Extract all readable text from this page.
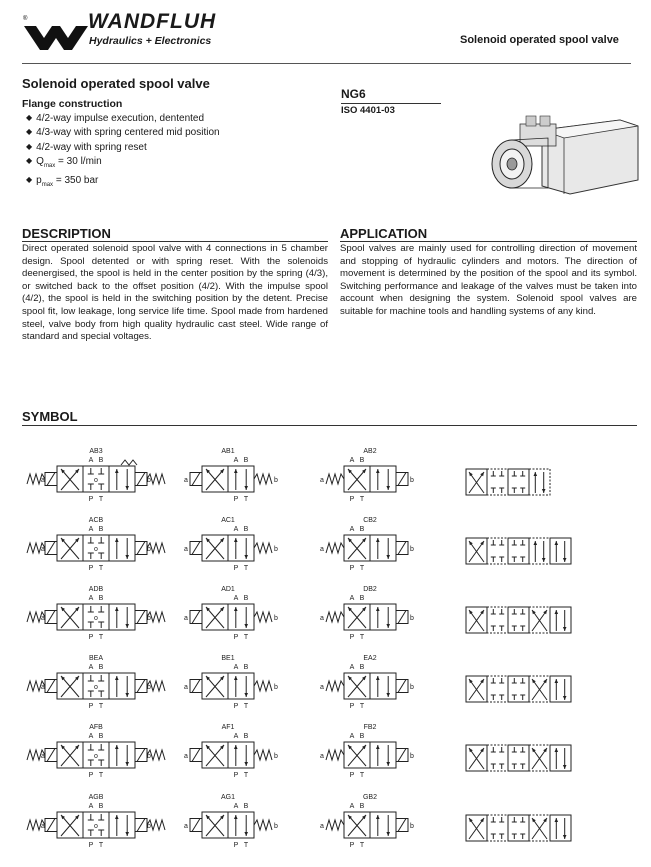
®	WANDFLUH
Hydraulics + Electronics	Solenoid operated spool valve
Solenoid operated spool valve
Flange construction
◆ 4/2-way impulse execution, dentented
◆ 4/3-way with spring centered mid position
◆ 4/2-way with spring reset
◆ $Q_{max} = 30$ l/min
◆ $p_{max} = 350$ bar
NG6
ISO 4401-03
DESCRIPTION
Direct operated solenoid spool valve with 4 connections in 5 chamber design. Spool detented or with spring reset. With the solenoids deenergised, the spool is held in the center position by the spring (4/3), or switched back to the offset position (4/2). With the impulse spool (4/2), the spool is held in the switching position by the detent. Precise spool fit, low leakage, long service life time. Spool made from hardened steel, valve body from high quality hydraulic cast steel. Wide range of standard and special voltages.
APPLICATION
Spool valves are mainly used for controlling direction of movement and stopping of hydraulic cylinders and motors. The direction of movement is determined by the position of the spool and its symbol. Switching performance and leakage of the valves must be taken into account when designing the system. Solenoid spool valves are suitable for machine tools and handling systems of any kind.
SYMBOL
AB3
A B
P T
a	b
o
ACB
A B
P T
a	b
o
ADB
A B
P T
a	b
o
BEA
A B
P T
a	b
o
AFB
A B
P T
a	b
o
AGB
A B
P T
a	b
o
AB1
A B
P T
a	b
AC1
A B
P T
a	b
AD1
A B
P T
a	b
BE1
A B
P T
a	b
AF1
A B
P T
a	b
AG1
A B
P T
a	b
AB2
A B
P T
a	b
CB2
A B
P T
a	b
DB2
A B
P T
a	b
EA2
A B
P T
a	b
FB2
A B
P T
a	b
GB2
A B
P T
a	b
